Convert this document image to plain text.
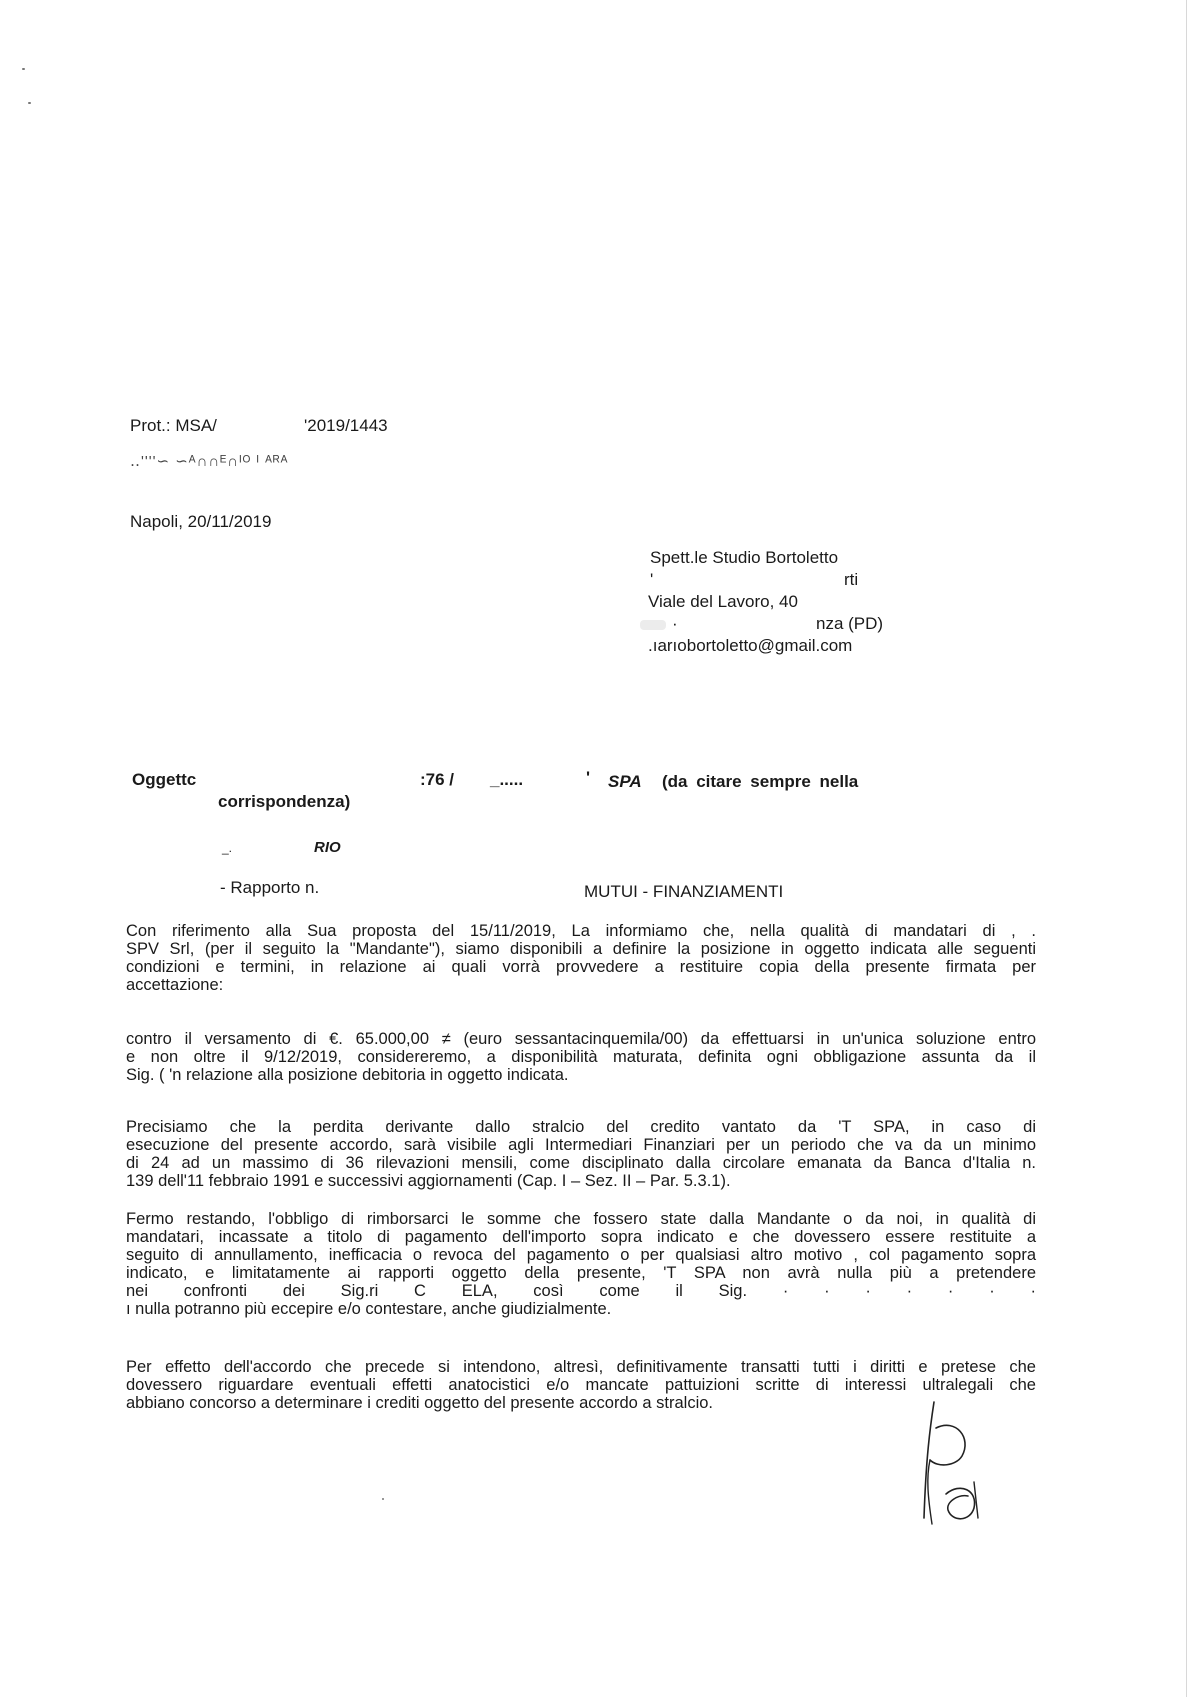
Prot.: MSA/	'2019/1443
‥''''∽ ∽ᴬ∩∩ᴱ∩ᴵᴼ ᴵ ᴬᴿᴬ
Napoli, 20/11/2019
Spett.le Studio Bortoletto
'	rti
Viale del Lavoro, 40
·	nza (PD)
.ıarıobortoletto@gmail.com
Oggettc	:76 / _.....	' SPA (da citare sempre nella
corrispondenza)
_.	RIO
- Rapporto n.	MUTUI - FINANZIAMENTI
Con riferimento alla Sua proposta del 15/11/2019, La informiamo che, nella qualità di mandatari di , .
SPV Srl, (per il seguito la "Mandante"), siamo disponibili a definire la posizione in oggetto indicata alle seguenti
condizioni e termini, in relazione ai quali vorrà provvedere a restituire copia della presente firmata per
accettazione:
contro il versamento di €. 65.000,00 ≠ (euro sessantacinquemila/00) da effettuarsi in un'unica soluzione entro
e non oltre il 9/12/2019, considereremo, a disponibilità maturata, definita ogni obbligazione assunta da il
Sig. ( 'n relazione alla posizione debitoria in oggetto indicata.
Precisiamo che la perdita derivante dallo stralcio del credito vantato da 'T SPA, in caso di
esecuzione del presente accordo, sarà visibile agli Intermediari Finanziari per un periodo che va da un minimo
di 24 ad un massimo di 36 rilevazioni mensili, come disciplinato dalla circolare emanata da Banca d'Italia n.
139 dell'11 febbraio 1991 e successivi aggiornamenti (Cap. I – Sez. II – Par. 5.3.1).
Fermo restando, l'obbligo di rimborsarci le somme che fossero state dalla Mandante o da noi, in qualità di
mandatari, incassate a titolo di pagamento dell'importo sopra indicato e che dovessero essere restituite a
seguito di annullamento, inefficacia o revoca del pagamento o per qualsiasi altro motivo , col pagamento sopra
indicato, e limitatamente ai rapporti oggetto della presente, 'T SPA non avrà nulla più a pretendere
nei confronti dei Sig.ri C ELA, così come il Sig. · · · · · · ·
ı nulla potranno più eccepire e/o contestare, anche giudizialmente.
Per effetto dell'accordo che precede si intendono, altresì, definitivamente transatti tutti i diritti e pretese che
dovessero riguardare eventuali effetti anatocistici e/o mancate pattuizioni scritte di interessi ultralegali che
abbiano concorso a determinare i crediti oggetto del presente accordo a stralcio.
